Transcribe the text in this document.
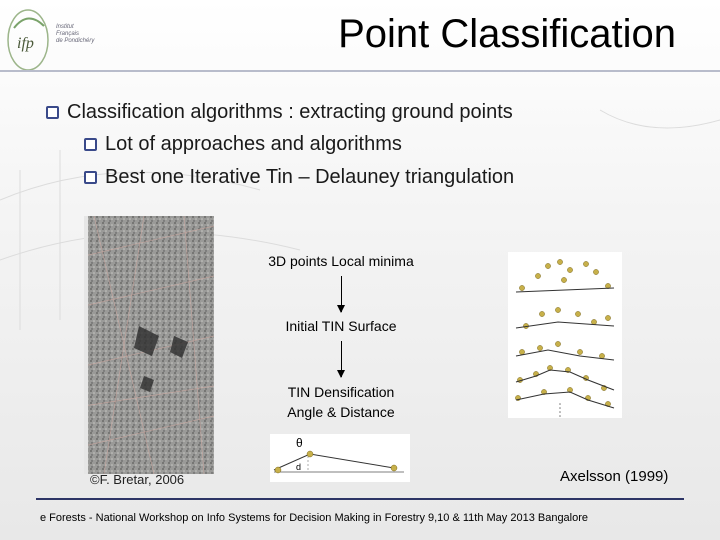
ifp
Institut
Français
de Pondichéry	Point Classification
Classification algorithms : extracting ground points
Lot of approaches and algorithms
Best one Iterative Tin – Delauney triangulation
©F. Bretar, 2006
3D points Local minima
Initial TIN Surface
TIN Densification
Angle & Distance
θ
d
Axelsson (1999)
e Forests - National Workshop on Info Systems for Decision Making in Forestry 9,10 & 11th May 2013 Bangalore
